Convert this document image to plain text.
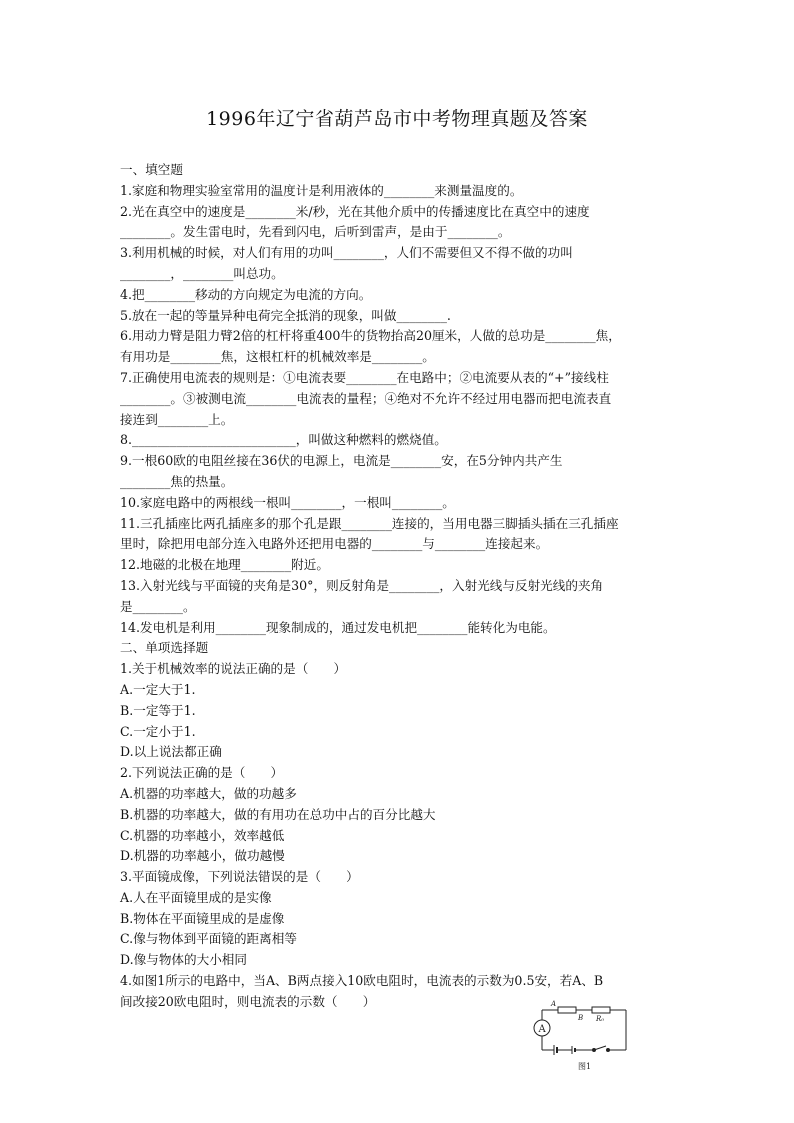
1996年辽宁省葫芦岛市中考物理真题及答案
一、填空题
1.家庭和物理实验室常用的温度计是利用液体的________来测量温度的。
2.光在真空中的速度是________米/秒，光在其他介质中的传播速度比在真空中的速度
________。发生雷电时，先看到闪电，后听到雷声，是由于________。
3.利用机械的时候，对人们有用的功叫________，人们不需要但又不得不做的功叫
________，________叫总功。
4.把________移动的方向规定为电流的方向。
5.放在一起的等量异种电荷完全抵消的现象，叫做________.
6.用动力臂是阻力臂2倍的杠杆将重400牛的货物抬高20厘米，人做的总功是________焦，
有用功是________焦，这根杠杆的机械效率是________。
7.正确使用电流表的规则是：①电流表要________在电路中；②电流要从表的“+”接线柱
________。③被测电流________电流表的量程；④绝对不允许不经过用电器而把电流表直
接连到________上。
8.__________________________，叫做这种燃料的燃烧值。
9.一根60欧的电阻丝接在36伏的电源上，电流是________安，在5分钟内共产生
________焦的热量。
10.家庭电路中的两根线一根叫________，一根叫________。
11.三孔插座比两孔插座多的那个孔是跟________连接的，当用电器三脚插头插在三孔插座
里时，除把用电部分连入电路外还把用电器的________与________连接起来。
12.地磁的北极在地理________附近。
13.入射光线与平面镜的夹角是30°，则反射角是________，入射光线与反射光线的夹角
是________。
14.发电机是利用________现象制成的，通过发电机把________能转化为电能。
二、单项选择题
1.关于机械效率的说法正确的是（　　）
A.一定大于1.
B.一定等于1.
C.一定小于1.
D.以上说法都正确
2.下列说法正确的是（　　）
A.机器的功率越大，做的功越多
B.机器的功率越大，做的有用功在总功中占的百分比越大
C.机器的功率越小，效率越低
D.机器的功率越小，做功越慢
3.平面镜成像，下列说法错误的是（　　）
A.人在平面镜里成的是实像
B.物体在平面镜里成的是虚像
C.像与物体到平面镜的距离相等
D.像与物体的大小相同
4.如图1所示的电路中，当A、B两点接入10欧电阻时，电流表的示数为0.5安，若A、B
间改接20欧电阻时，则电流表的示数（　　）
A
A
B R₀
图1
